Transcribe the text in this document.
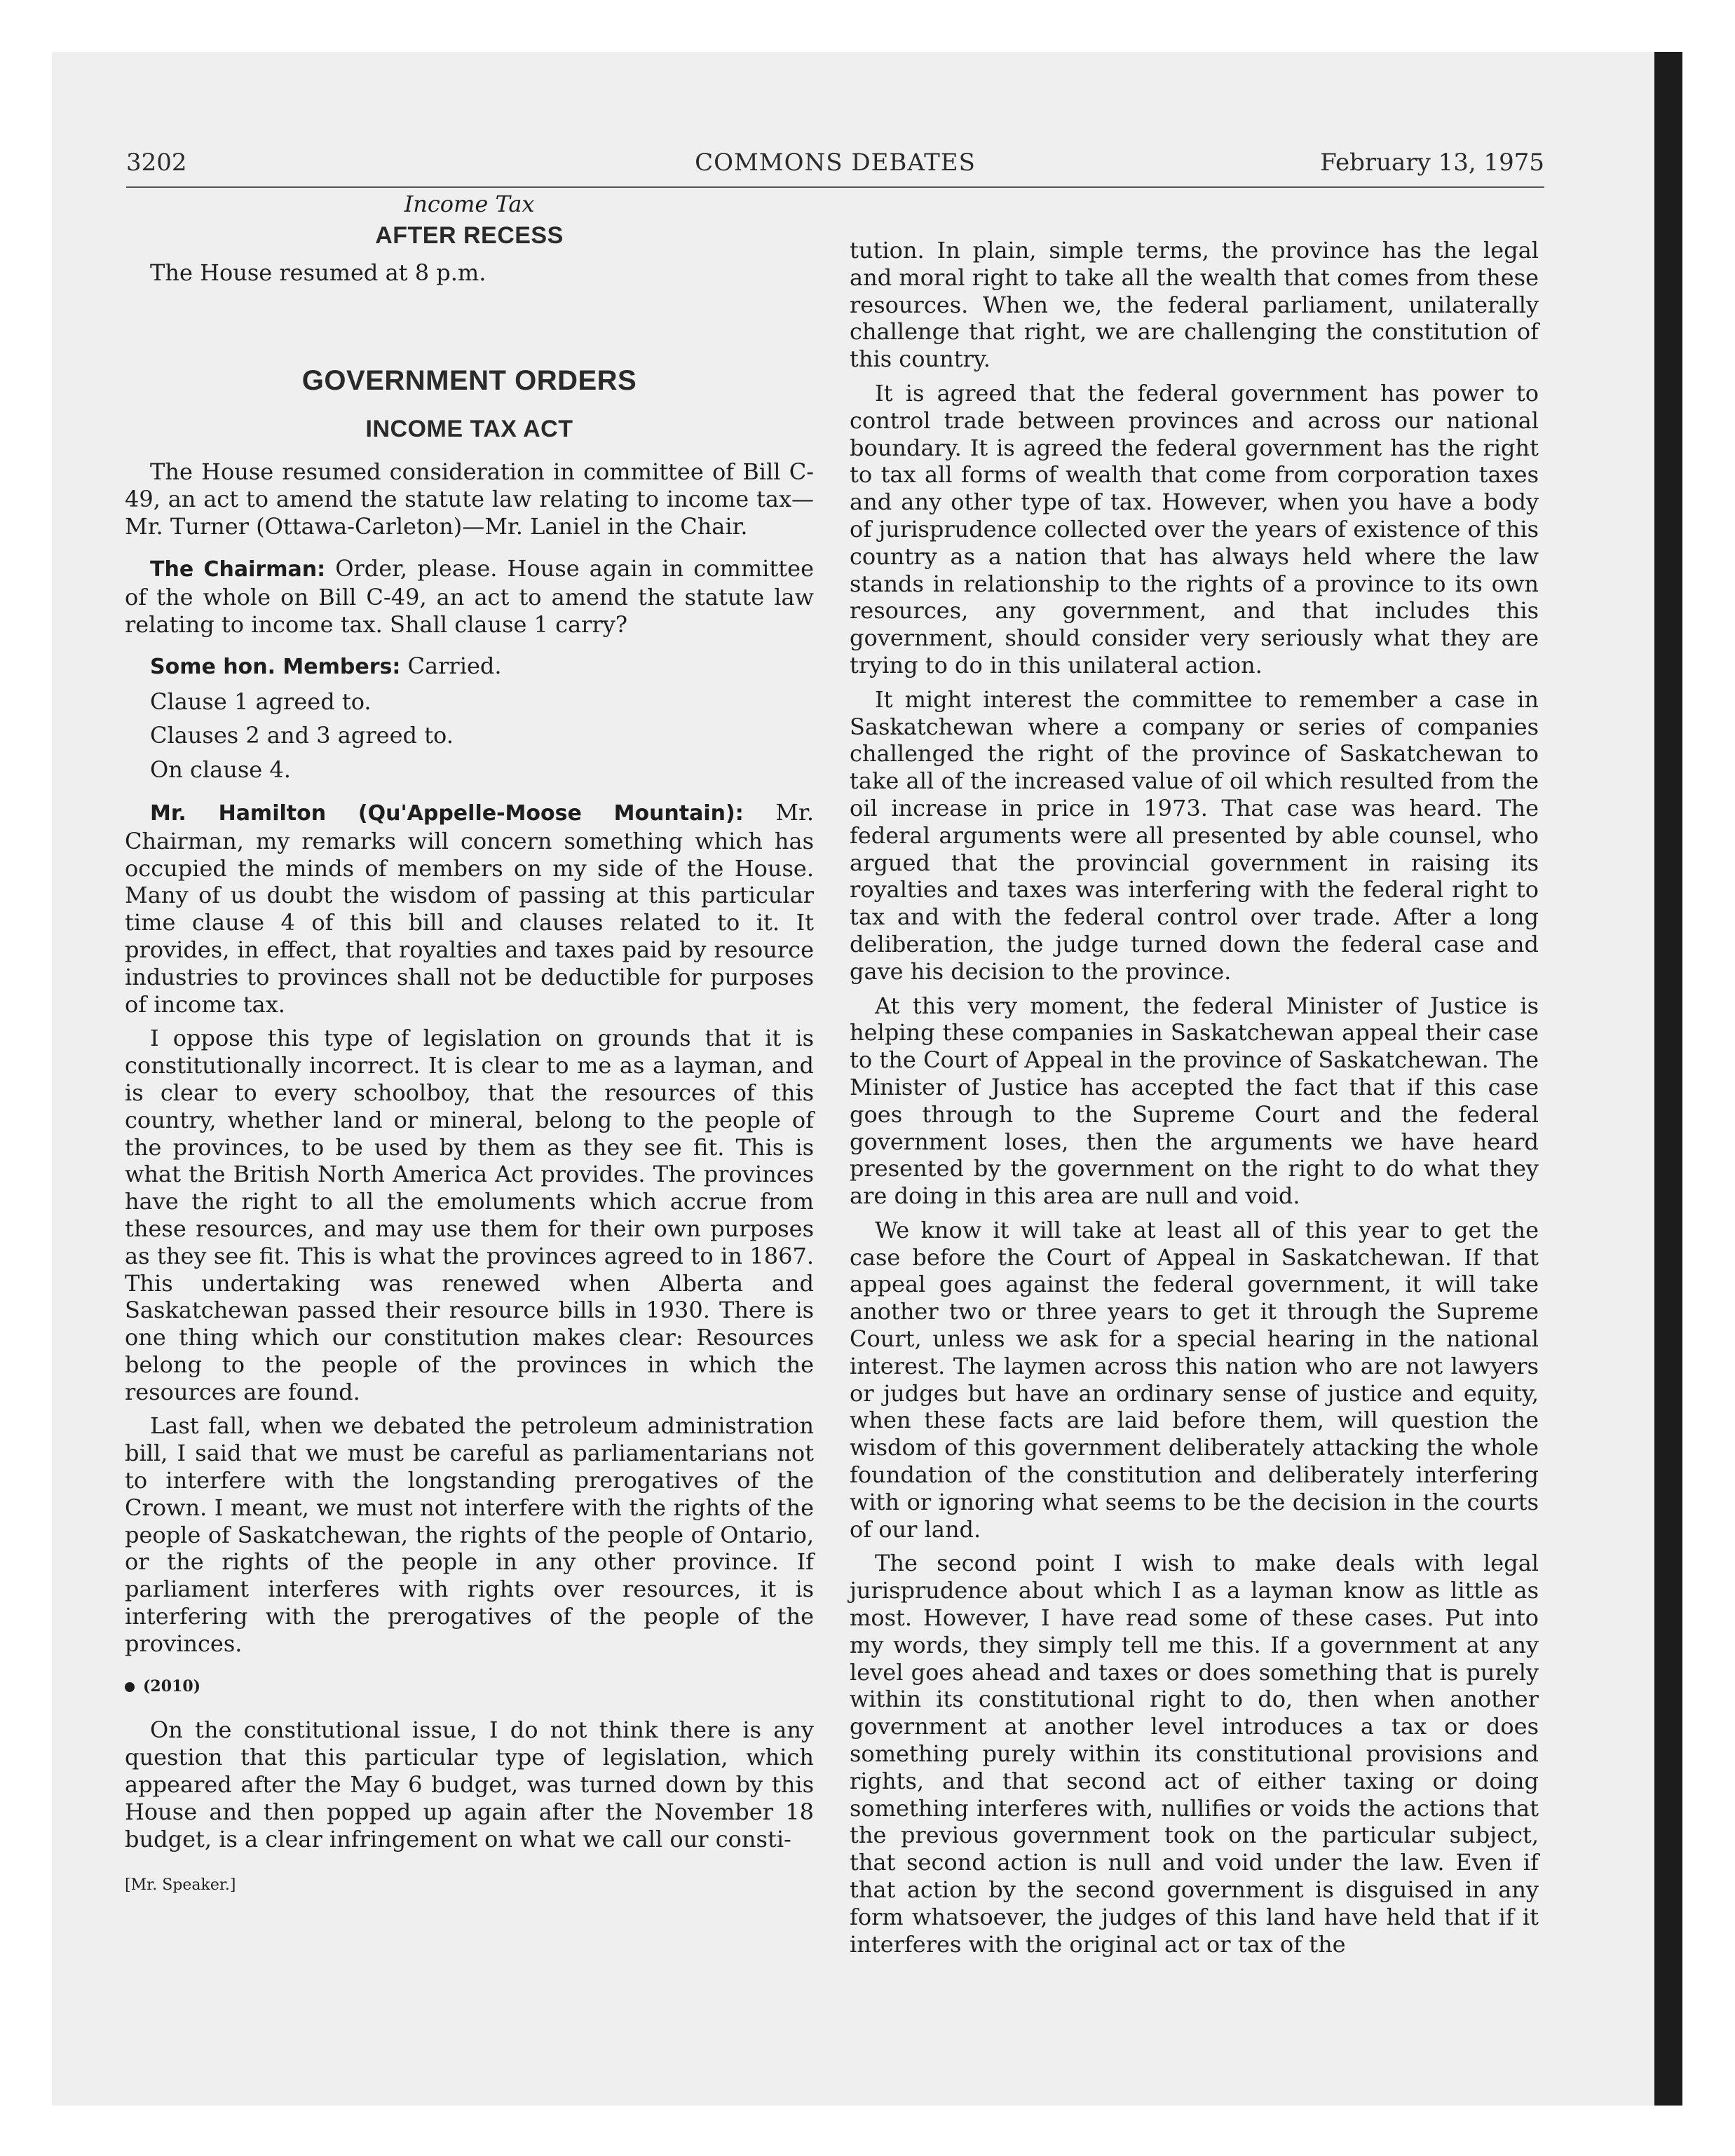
3202	COMMONS DEBATES	February 13, 1975

Income Tax

AFTER RECESS

The House resumed at 8 p.m.

GOVERNMENT ORDERS

INCOME TAX ACT

The House resumed consideration in committee of Bill C-49, an act to amend the statute law relating to income tax—Mr. Turner (Ottawa-Carleton)—Mr. Laniel in the Chair.

The Chairman: Order, please. House again in committee of the whole on Bill C-49, an act to amend the statute law relating to income tax. Shall clause 1 carry?

Some hon. Members: Carried.

Clause 1 agreed to.

Clauses 2 and 3 agreed to.

On clause 4.

Mr. Hamilton (Qu'Appelle-Moose Mountain): Mr. Chairman, my remarks will concern something which has occupied the minds of members on my side of the House. Many of us doubt the wisdom of passing at this particular time clause 4 of this bill and clauses related to it. It provides, in effect, that royalties and taxes paid by resource industries to provinces shall not be deductible for purposes of income tax.

I oppose this type of legislation on grounds that it is constitutionally incorrect. It is clear to me as a layman, and is clear to every schoolboy, that the resources of this country, whether land or mineral, belong to the people of the provinces, to be used by them as they see fit. This is what the British North America Act provides. The provinces have the right to all the emoluments which accrue from these resources, and may use them for their own purposes as they see fit. This is what the provinces agreed to in 1867. This undertaking was renewed when Alberta and Saskatchewan passed their resource bills in 1930. There is one thing which our constitution makes clear: Resources belong to the people of the provinces in which the resources are found.

Last fall, when we debated the petroleum administration bill, I said that we must be careful as parliamentarians not to interfere with the longstanding prerogatives of the Crown. I meant, we must not interfere with the rights of the people of Saskatchewan, the rights of the people of Ontario, or the rights of the people in any other province. If parliament interferes with rights over resources, it is interfering with the prerogatives of the people of the provinces.

(2010)

On the constitutional issue, I do not think there is any question that this particular type of legislation, which appeared after the May 6 budget, was turned down by this House and then popped up again after the November 18 budget, is a clear infringement on what we call our consti-

[Mr. Speaker.]

tution. In plain, simple terms, the province has the legal and moral right to take all the wealth that comes from these resources. When we, the federal parliament, unilaterally challenge that right, we are challenging the constitution of this country.

It is agreed that the federal government has power to control trade between provinces and across our national boundary. It is agreed the federal government has the right to tax all forms of wealth that come from corporation taxes and any other type of tax. However, when you have a body of jurisprudence collected over the years of existence of this country as a nation that has always held where the law stands in relationship to the rights of a province to its own resources, any government, and that includes this government, should consider very seriously what they are trying to do in this unilateral action.

It might interest the committee to remember a case in Saskatchewan where a company or series of companies challenged the right of the province of Saskatchewan to take all of the increased value of oil which resulted from the oil increase in price in 1973. That case was heard. The federal arguments were all presented by able counsel, who argued that the provincial government in raising its royalties and taxes was interfering with the federal right to tax and with the federal control over trade. After a long deliberation, the judge turned down the federal case and gave his decision to the province.

At this very moment, the federal Minister of Justice is helping these companies in Saskatchewan appeal their case to the Court of Appeal in the province of Saskatchewan. The Minister of Justice has accepted the fact that if this case goes through to the Supreme Court and the federal government loses, then the arguments we have heard presented by the government on the right to do what they are doing in this area are null and void.

We know it will take at least all of this year to get the case before the Court of Appeal in Saskatchewan. If that appeal goes against the federal government, it will take another two or three years to get it through the Supreme Court, unless we ask for a special hearing in the national interest. The laymen across this nation who are not lawyers or judges but have an ordinary sense of justice and equity, when these facts are laid before them, will question the wisdom of this government deliberately attacking the whole foundation of the constitution and deliberately interfering with or ignoring what seems to be the decision in the courts of our land.

The second point I wish to make deals with legal jurisprudence about which I as a layman know as little as most. However, I have read some of these cases. Put into my words, they simply tell me this. If a government at any level goes ahead and taxes or does something that is purely within its constitutional right to do, then when another government at another level introduces a tax or does something purely within its constitutional provisions and rights, and that second act of either taxing or doing something interferes with, nullifies or voids the actions that the previous government took on the particular subject, that second action is null and void under the law. Even if that action by the second government is disguised in any form whatsoever, the judges of this land have held that if it interferes with the original act or tax of the
